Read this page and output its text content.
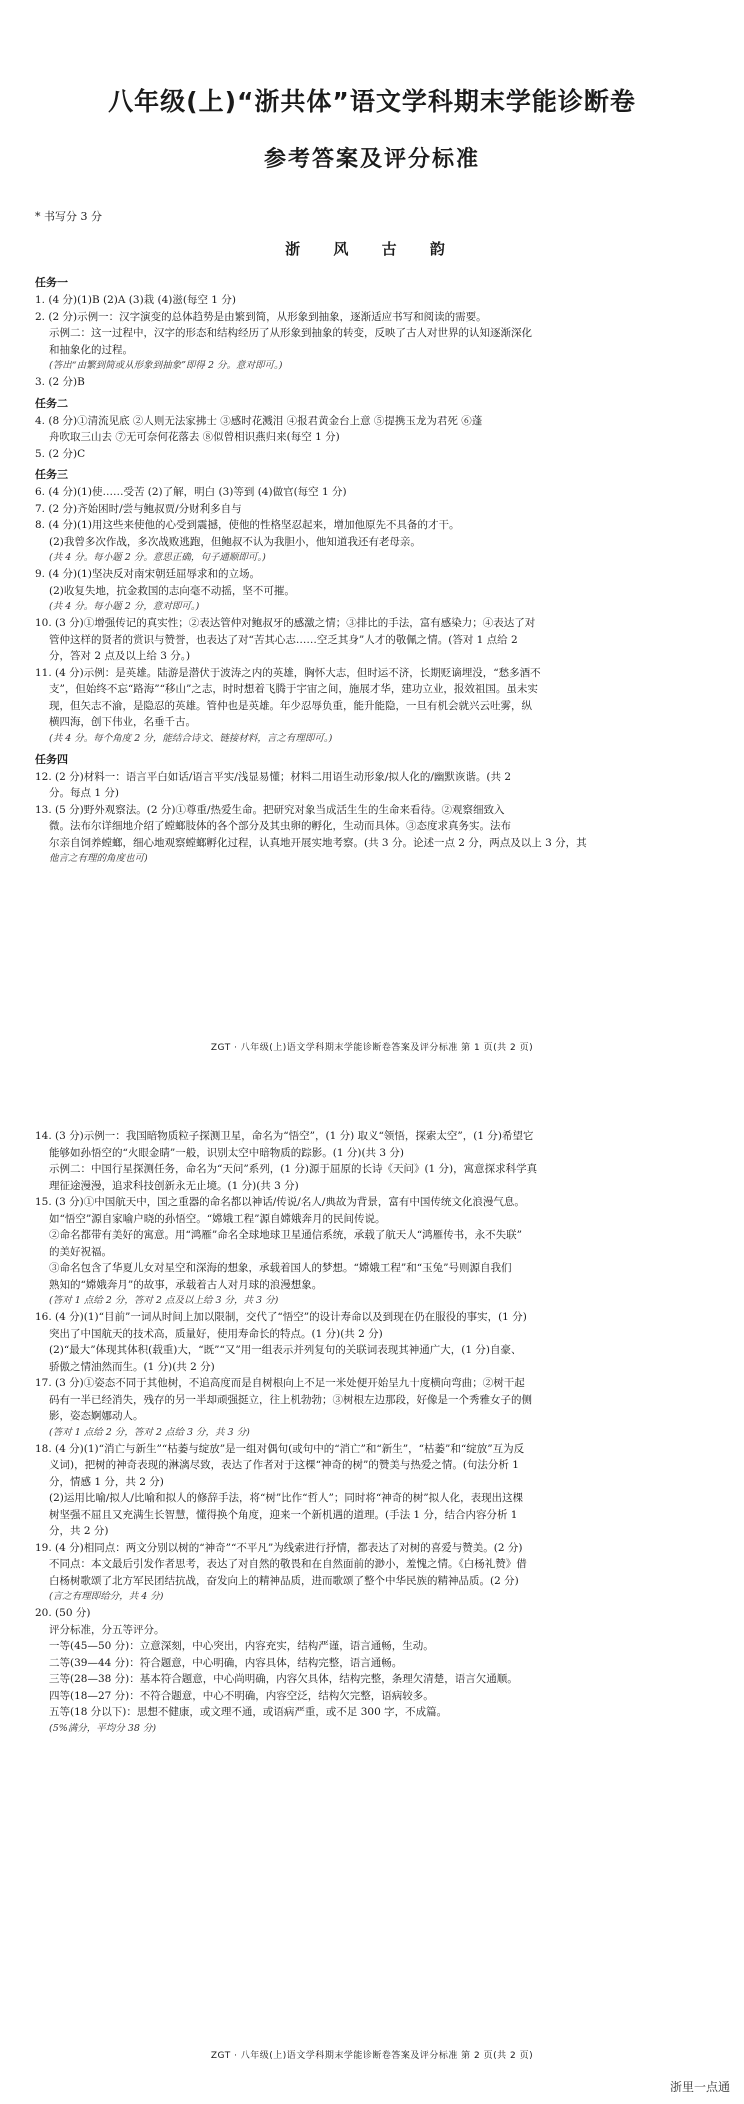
八年级(上)“浙共体”语文学科期末学能诊断卷
参考答案及评分标准
* 书写分 3 分
浙 风 古 韵
任务一

1. (4 分)(1)B (2)A (3)栽 (4)滋(每空 1 分)

2. (2 分)示例一：汉字演变的总体趋势是由繁到简，从形象到抽象，逐渐适应书写和阅读的需要。

示例二：这一过程中，汉字的形态和结构经历了从形象到抽象的转变，反映了古人对世界的认知逐渐深化

和抽象化的过程。

(答出“由繁到简或从形象到抽象”即得 2 分。意对即可。)

3. (2 分)B

任务二

4. (8 分)①清流见底 ②人则无法家拂士 ③感时花溅泪 ④报君黄金台上意 ⑤提携玉龙为君死 ⑥蓬

舟吹取三山去 ⑦无可奈何花落去 ⑧似曾相识燕归来(每空 1 分)

5. (2 分)C

任务三

6. (4 分)(1)使……受苦 (2)了解，明白 (3)等到 (4)做官(每空 1 分)

7. (2 分)齐始困时/尝与鲍叔贾/分财利多自与

8. (4 分)(1)用这些来使他的心受到震撼，使他的性格坚忍起来，增加他原先不具备的才干。

(2)我曾多次作战，多次战败逃跑，但鲍叔不认为我胆小，他知道我还有老母亲。

(共 4 分。每小题 2 分。意思正确，句子通顺即可。)

9. (4 分)(1)坚决反对南宋朝廷屈辱求和的立场。

(2)收复失地，抗金救国的志向毫不动摇，坚不可摧。

(共 4 分。每小题 2 分，意对即可。)

10. (3 分)①增强传记的真实性；②表达管仲对鲍叔牙的感激之情；③排比的手法，富有感染力；④表达了对

管仲这样的贤者的赏识与赞誉，也表达了对“苦其心志……空乏其身”人才的敬佩之情。(答对 1 点给 2

分，答对 2 点及以上给 3 分。)

11. (4 分)示例：是英雄。陆游是潜伏于波涛之内的英雄，胸怀大志，但时运不济，长期贬谪埋没，“愁多酒不

支”，但始终不忘“路海”“移山”之志，时时想着飞腾于宇宙之间，施展才华，建功立业，报效祖国。虽未实

现，但矢志不渝，是隐忍的英雄。管仲也是英雄。年少忍辱负重，能升能隐，一旦有机会就兴云吐雾，纵

横四海，创下伟业，名垂千古。

(共 4 分。每个角度 2 分，能结合诗文、链接材料，言之有理即可。)

任务四

12. (2 分)材料一：语言平白如话/语言平实/浅显易懂；材料二用语生动形象/拟人化的/幽默诙谐。(共 2

分。每点 1 分)

13. (5 分)野外观察法。(2 分)①尊重/热爱生命。把研究对象当成活生生的生命来看待。②观察细致入

微。法布尔详细地介绍了螳螂肢体的各个部分及其虫卵的孵化，生动而具体。③态度求真务实。法布

尔亲自饲养螳螂，细心地观察螳螂孵化过程，认真地开展实地考察。(共 3 分。论述一点 2 分，两点及以上 3 分，其

他言之有理的角度也可)

ZGT · 八年级(上)语文学科期末学能诊断卷答案及评分标准 第 1 页(共 2 页)

14. (3 分)示例一：我国暗物质粒子探测卫星，命名为“悟空”，(1 分) 取义“领悟，探索太空”，(1 分)希望它

能够如孙悟空的“火眼金睛”一般，识别太空中暗物质的踪影。(1 分)(共 3 分)

示例二：中国行星探测任务，命名为“天问”系列，(1 分)源于屈原的长诗《天问》(1 分)，寓意探求科学真

理征途漫漫，追求科技创新永无止境。(1 分)(共 3 分)

15. (3 分)①中国航天中，国之重器的命名都以神话/传说/名人/典故为背景，富有中国传统文化浪漫气息。

如“悟空”源自家喻户晓的孙悟空。“嫦娥工程”源自嫦娥奔月的民间传说。

②命名都带有美好的寓意。用“鸿雁”命名全球地球卫星通信系统，承载了航天人“鸿雁传书，永不失联”

的美好祝福。

③命名包含了华夏儿女对星空和深海的想象，承载着国人的梦想。“嫦娥工程”和“玉兔”号则源自我们

熟知的“嫦娥奔月”的故事，承载着古人对月球的浪漫想象。

(答对 1 点给 2 分，答对 2 点及以上给 3 分，共 3 分)

16. (4 分)(1)“目前”一词从时间上加以限制，交代了“悟空”的设计寿命以及到现在仍在服役的事实，(1 分)

突出了中国航天的技术高，质量好，使用寿命长的特点。(1 分)(共 2 分)

(2)“最大”体现其体积(载重)大，“既”“又”用一组表示并列复句的关联词表现其神通广大，(1 分)自豪、

骄傲之情油然而生。(1 分)(共 2 分)

17. (3 分)①姿态不同于其他树，不追高度而是自树根向上不足一米处便开始呈九十度横向弯曲；②树干起

码有一半已经消失，残存的另一半却顽强挺立，往上机勃勃；③树根左边那段，好像是一个秀雅女子的侧

影，姿态婀娜动人。

(答对 1 点给 2 分，答对 2 点给 3 分，共 3 分)

18. (4 分)(1)“消亡与新生”“枯萎与绽放”是一组对偶句(或句中的“消亡”和“新生”，“枯萎”和“绽放”互为反

义词)，把树的神奇表现的淋漓尽致，表达了作者对于这棵“神奇的树”的赞美与热爱之情。(句法分析 1

分，情感 1 分，共 2 分)

(2)运用比喻/拟人/比喻和拟人的修辞手法，将“树”比作“哲人”；同时将“神奇的树”拟人化，表现出这棵

树坚强不屈且又充满生长智慧，懂得换个角度，迎来一个新机遇的道理。(手法 1 分，结合内容分析 1

分，共 2 分)

19. (4 分)相同点：两文分别以树的“神奇”“不平凡”为线索进行抒情，都表达了对树的喜爱与赞美。(2 分)

不同点：本文最后引发作者思考，表达了对自然的敬畏和在自然面前的渺小，羞愧之情。《白杨礼赞》借

白杨树歌颂了北方军民团结抗战，奋发向上的精神品质，进而歌颂了整个中华民族的精神品质。(2 分)

(言之有理即给分，共 4 分)

20. (50 分)

评分标准，分五等评分。

一等(45—50 分)：立意深刻，中心突出，内容充实，结构严谨，语言通畅，生动。

二等(39—44 分)：符合题意，中心明确，内容具体，结构完整，语言通畅。

三等(28—38 分)：基本符合题意，中心尚明确，内容欠具体，结构完整，条理欠清楚，语言欠通顺。

四等(18—27 分)：不符合题意，中心不明确，内容空泛，结构欠完整，语病较多。

五等(18 分以下)：思想不健康，或文理不通，或语病严重，或不足 300 字，不成篇。

(5%满分，平均分 38 分)

ZGT · 八年级(上)语文学科期末学能诊断卷答案及评分标准 第 2 页(共 2 页)
浙里一点通
